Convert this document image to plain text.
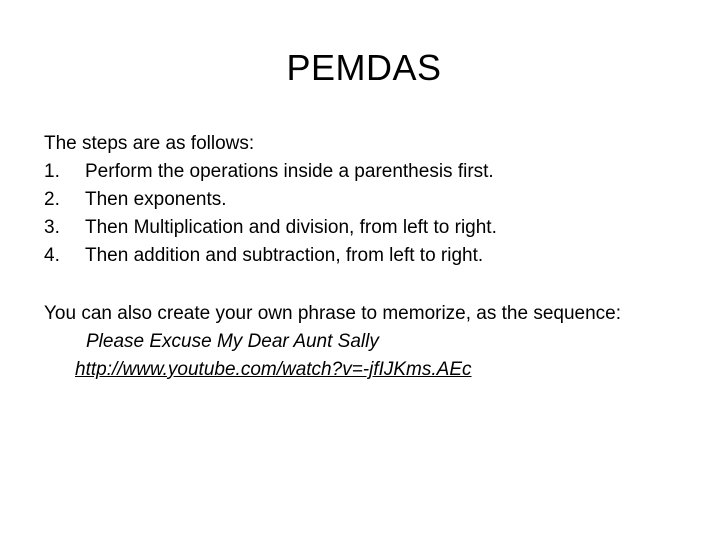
PEMDAS

The steps are as follows:

1.	Perform the operations inside a parenthesis first.
2.	Then exponents.
3.	Then Multiplication and division, from left to right.
4.	Then addition and subtraction, from left to right.

You can also create your own phrase to memorize, as the sequence: Please Excuse My Dear Aunt Sally

http://www.youtube.com/watch?v=-jfIJKms.AEc
